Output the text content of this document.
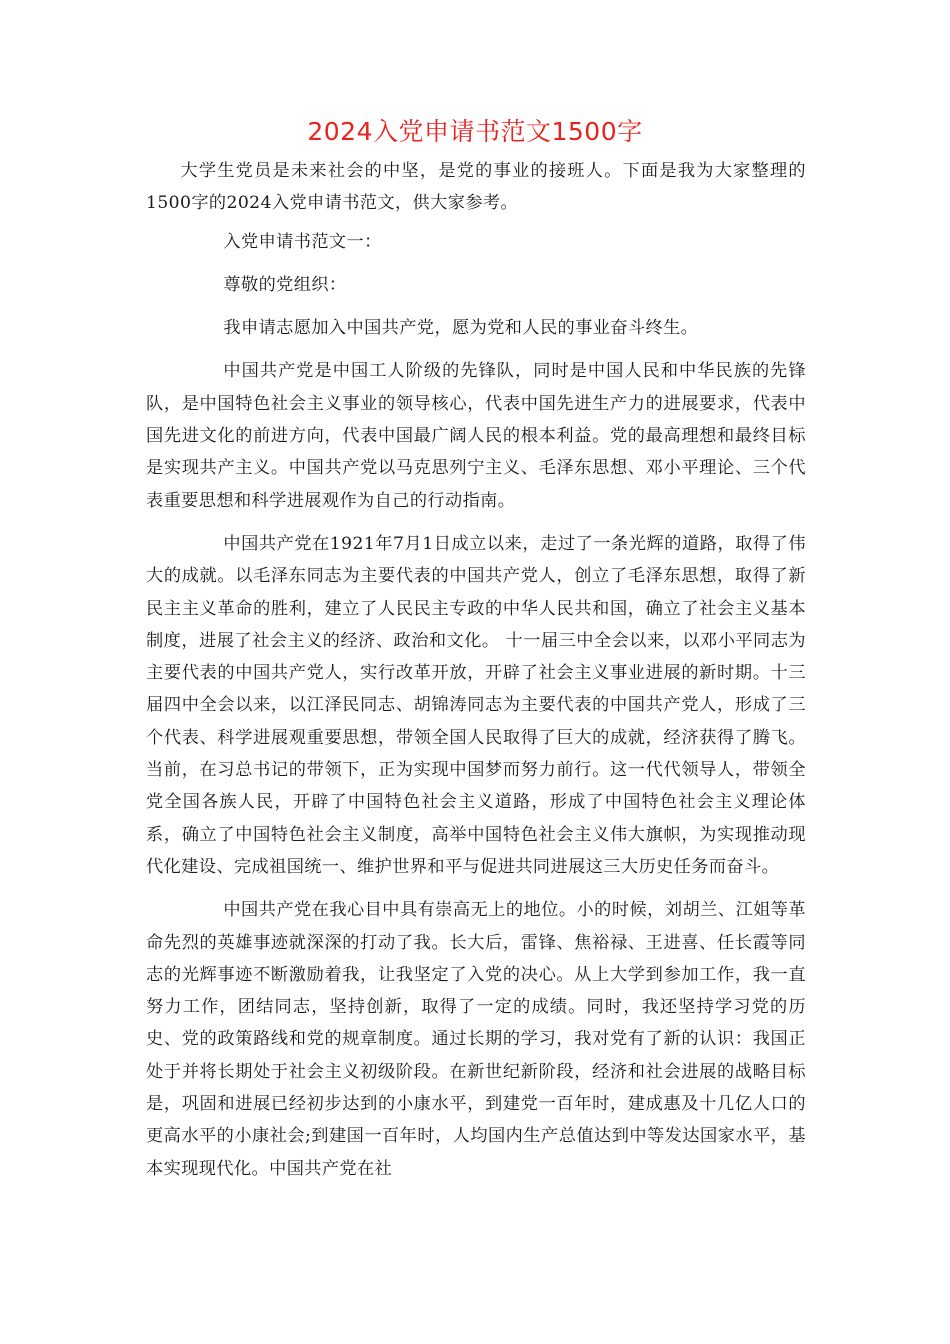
2024入党申请书范文1500字

大学生党员是未来社会的中坚，是党的事业的接班人。下面是我为大家整理的1500字的2024入党申请书范文，供大家参考。

入党申请书范文一：

尊敬的党组织：

我申请志愿加入中国共产党，愿为党和人民的事业奋斗终生。

中国共产党是中国工人阶级的先锋队，同时是中国人民和中华民族的先锋队，是中国特色社会主义事业的领导核心，代表中国先进生产力的进展要求，代表中国先进文化的前进方向，代表中国最广阔人民的根本利益。党的最高理想和最终目标是实现共产主义。中国共产党以马克思列宁主义、毛泽东思想、邓小平理论、三个代表重要思想和科学进展观作为自己的行动指南。

中国共产党在1921年7月1日成立以来，走过了一条光辉的道路，取得了伟大的成就。以毛泽东同志为主要代表的中国共产党人，创立了毛泽东思想，取得了新民主主义革命的胜利，建立了人民民主专政的中华人民共和国，确立了社会主义基本制度，进展了社会主义的经济、政治和文化。 十一届三中全会以来，以邓小平同志为主要代表的中国共产党人，实行改革开放，开辟了社会主义事业进展的新时期。十三届四中全会以来，以江泽民同志、胡锦涛同志为主要代表的中国共产党人，形成了三个代表、科学进展观重要思想，带领全国人民取得了巨大的成就，经济获得了腾飞。当前，在习总书记的带领下，正为实现中国梦而努力前行。这一代代领导人，带领全党全国各族人民，开辟了中国特色社会主义道路，形成了中国特色社会主义理论体系，确立了中国特色社会主义制度，高举中国特色社会主义伟大旗帜，为实现推动现代化建设、完成祖国统一、维护世界和平与促进共同进展这三大历史任务而奋斗。

中国共产党在我心目中具有崇高无上的地位。小的时候，刘胡兰、江姐等革命先烈的英雄事迹就深深的打动了我。长大后，雷锋、焦裕禄、王进喜、任长霞等同志的光辉事迹不断激励着我，让我坚定了入党的决心。从上大学到参加工作，我一直努力工作，团结同志，坚持创新，取得了一定的成绩。同时，我还坚持学习党的历史、党的政策路线和党的规章制度。通过长期的学习，我对党有了新的认识：我国正处于并将长期处于社会主义初级阶段。在新世纪新阶段，经济和社会进展的战略目标是，巩固和进展已经初步达到的小康水平，到建党一百年时，建成惠及十几亿人口的更高水平的小康社会;到建国一百年时，人均国内生产总值达到中等发达国家水平，基本实现现代化。中国共产党在社
